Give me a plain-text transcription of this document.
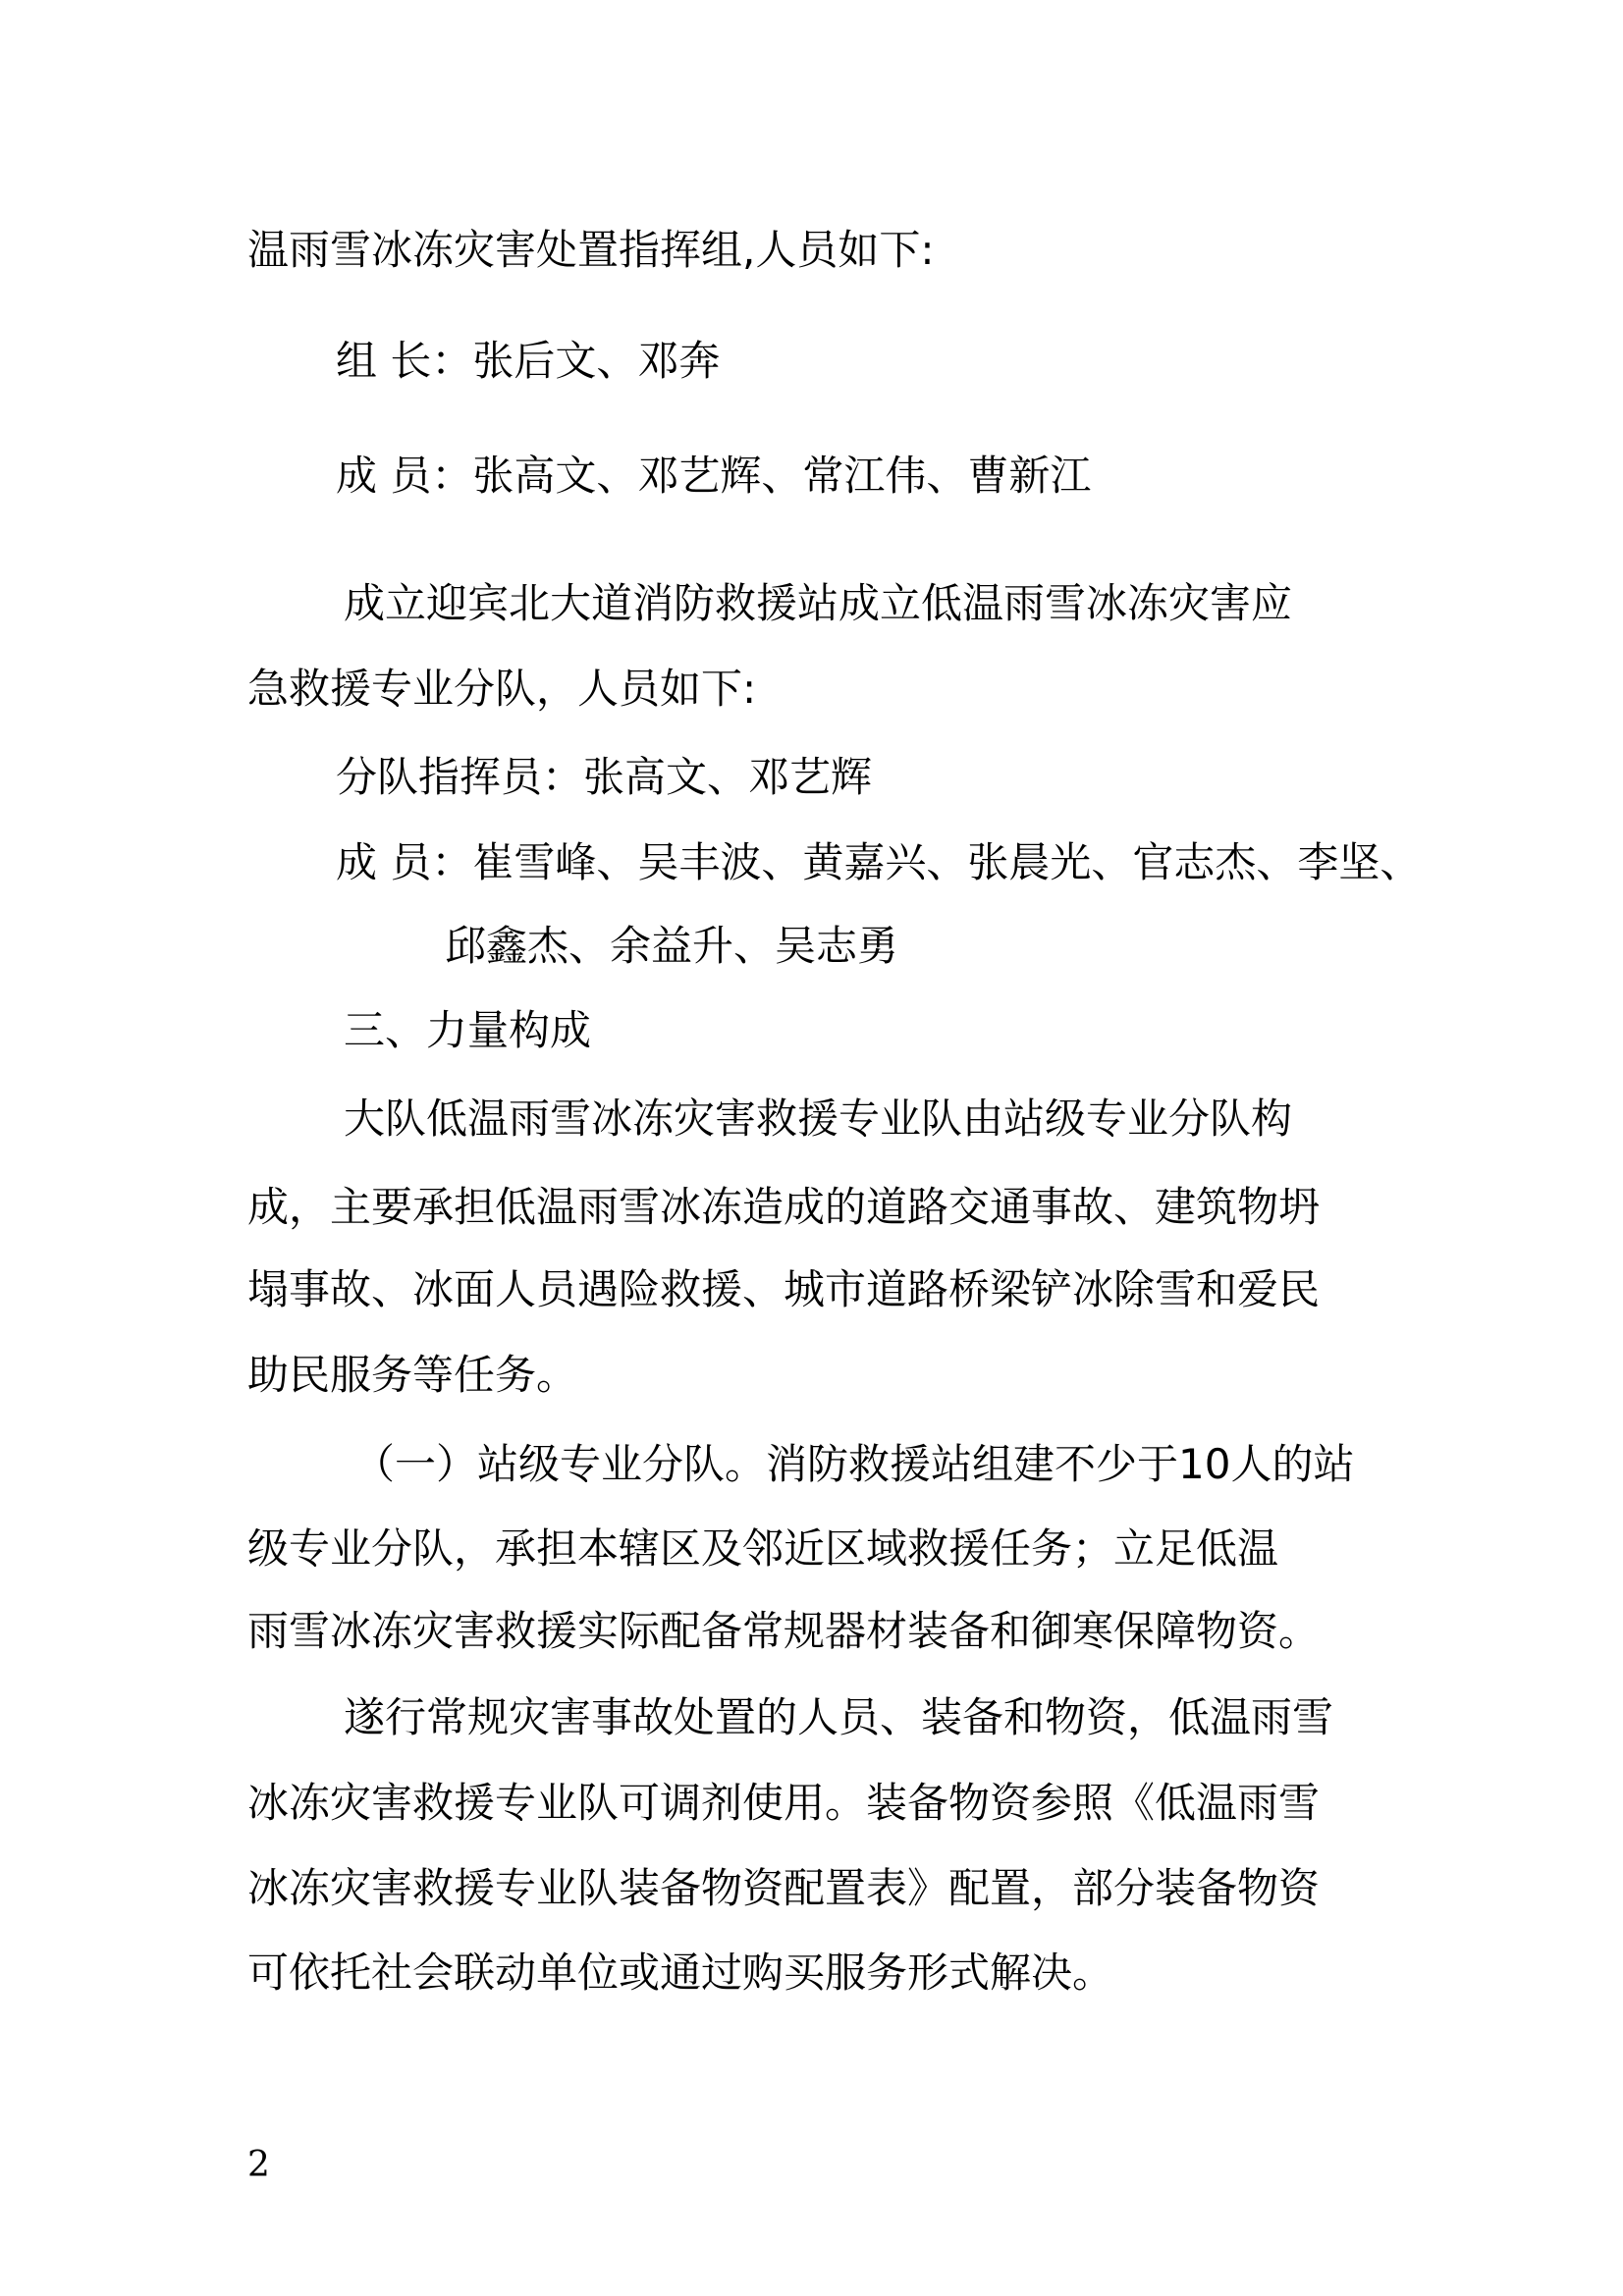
温雨雪冰冻灾害处置指挥组,人员如下:
组 长：张后文、邓奔
成 员：张高文、邓艺辉、常江伟、曹新江
成立迎宾北大道消防救援站成立低温雨雪冰冻灾害应
急救援专业分队，人员如下:
分队指挥员：张高文、邓艺辉
成 员：崔雪峰、吴丰波、黄嘉兴、张晨光、官志杰、李坚、
邱鑫杰、余益升、吴志勇
三、力量构成
大队低温雨雪冰冻灾害救援专业队由站级专业分队构
成，主要承担低温雨雪冰冻造成的道路交通事故、建筑物坍
塌事故、冰面人员遇险救援、城市道路桥梁铲冰除雪和爱民
助民服务等任务。
（一）站级专业分队。消防救援站组建不少于10人的站
级专业分队，承担本辖区及邻近区域救援任务；立足低温
雨雪冰冻灾害救援实际配备常规器材装备和御寒保障物资。
遂行常规灾害事故处置的人员、装备和物资，低温雨雪
冰冻灾害救援专业队可调剂使用。装备物资参照《低温雨雪
冰冻灾害救援专业队装备物资配置表》配置，部分装备物资
可依托社会联动单位或通过购买服务形式解决。
2
